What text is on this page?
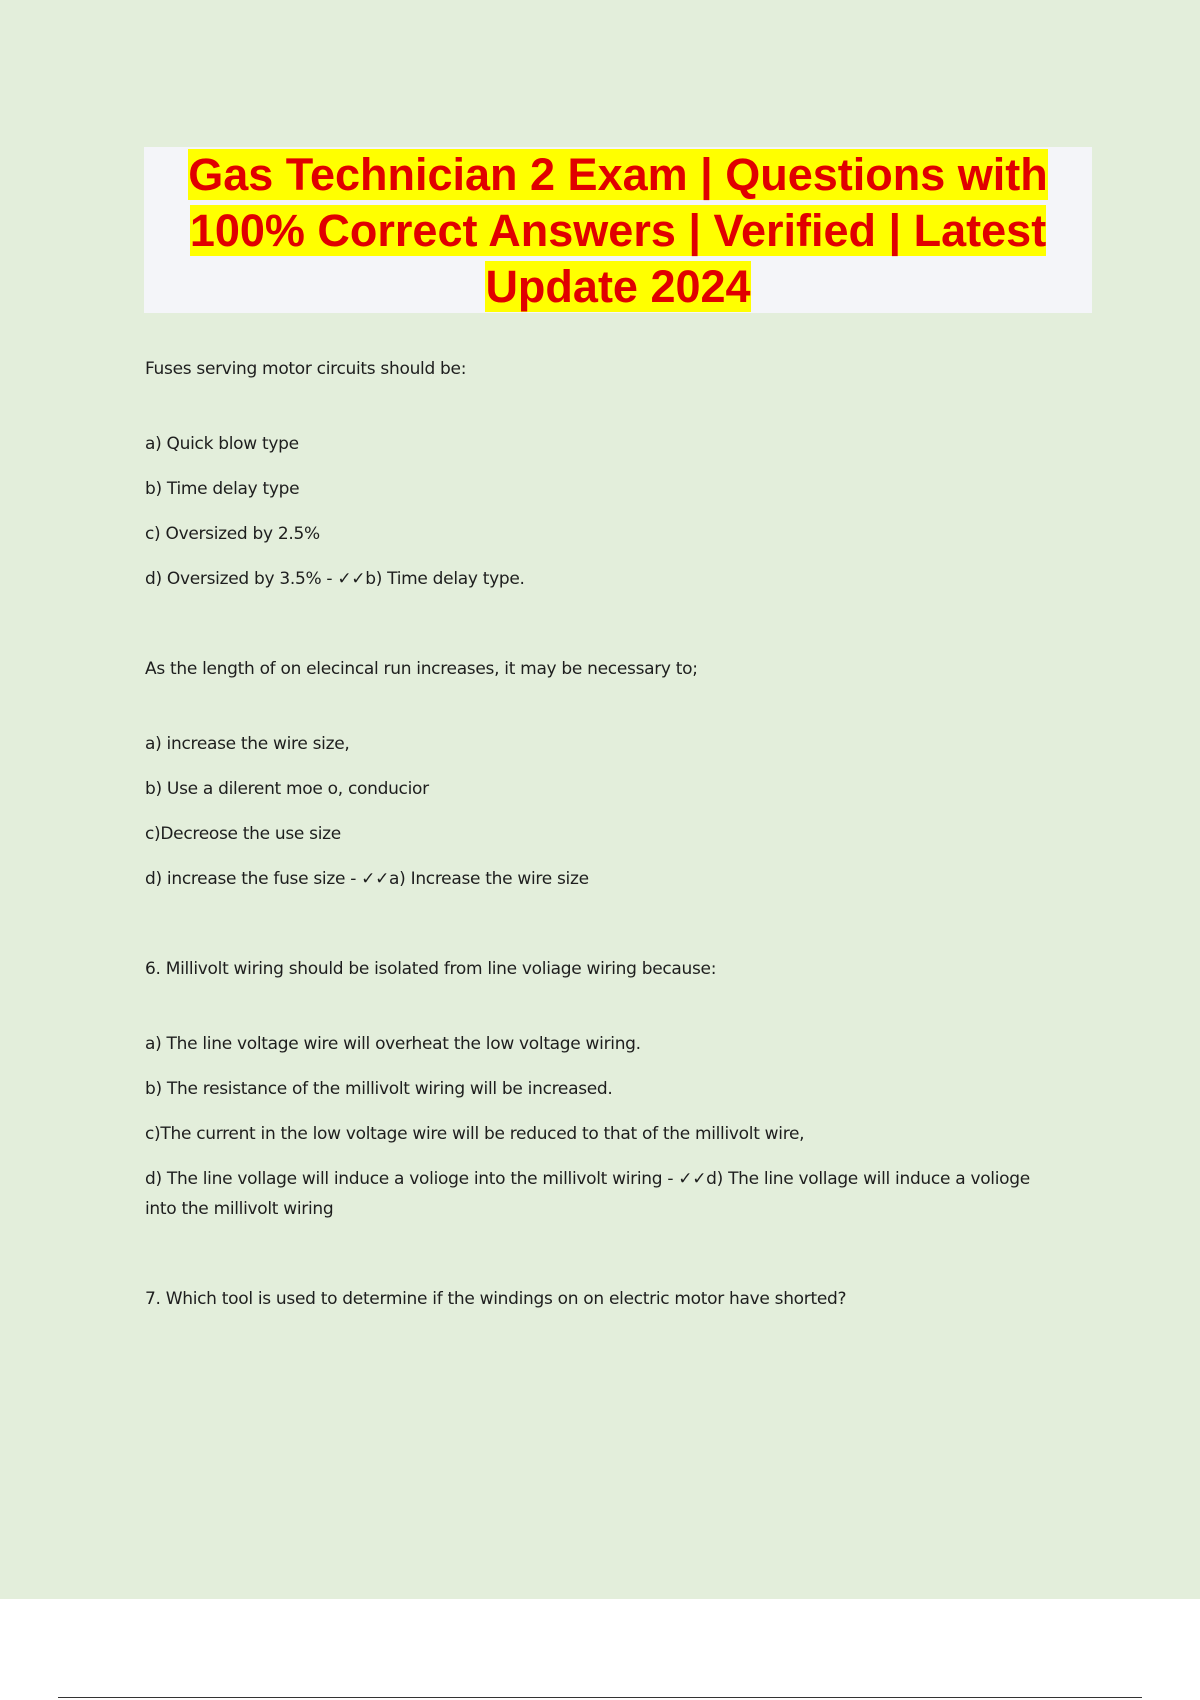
Gas Technician 2 Exam | Questions with 100% Correct Answers | Verified | Latest Update 2024

Fuses serving motor circuits should be:

a) Quick blow type
b) Time delay type
c) Oversized by 2.5%
d) Oversized by 3.5% - ✓✓b) Time delay type.

As the length of on elecincal run increases, it may be necessary to;

a) increase the wire size,
b) Use a dilerent moe o, conducior
c)Decreose the use size
d) increase the fuse size - ✓✓a) Increase the wire size

6. Millivolt wiring should be isolated from line voliage wiring because:

a) The line voltage wire will overheat the low voltage wiring.
b) The resistance of the millivolt wiring will be increased.
c)The current in the low voltage wire will be reduced to that of the millivolt wire,
d) The line vollage will induce a volioge into the millivolt wiring - ✓✓d) The line vollage will induce a volioge into the millivolt wiring

7. Which tool is used to determine if the windings on on electric motor have shorted?
